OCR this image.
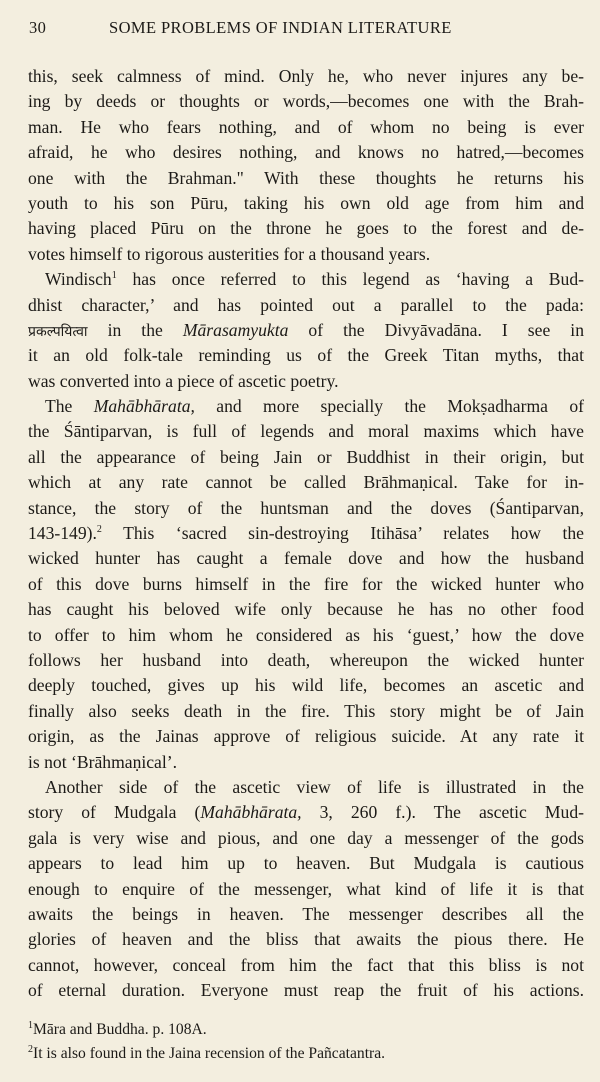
30	SOME PROBLEMS OF INDIAN LITERATURE
this, seek calmness of mind. Only he, who never injures any be-
ing by deeds or thoughts or words,—becomes one with the Brah-
man. He who fears nothing, and of whom no being is ever
afraid, he who desires nothing, and knows no hatred,—becomes
one with the Brahman." With these thoughts he returns his
youth to his son Pūru, taking his own old age from him and
having placed Pūru on the throne he goes to the forest and de-
votes himself to rigorous austerities for a thousand years.
Windisch$^1$ has once referred to this legend as ‘having a Bud-
dhist character,’ and has pointed out a parallel to the pada:
प्रकल्पयित्वा in the Mārasamyukta of the Divyāvadāna. I see in
it an old folk-tale reminding us of the Greek Titan myths, that
was converted into a piece of ascetic poetry.
The Mahābhārata, and more specially the Mokṣadharma of
the Śāntiparvan, is full of legends and moral maxims which have
all the appearance of being Jain or Buddhist in their origin, but
which at any rate cannot be called Brāhmaṇical. Take for in-
stance, the story of the huntsman and the doves (Śantiparvan,
143-149).$^2$ This ‘sacred sin-destroying Itihāsa’ relates how the
wicked hunter has caught a female dove and how the husband
of this dove burns himself in the fire for the wicked hunter who
has caught his beloved wife only because he has no other food
to offer to him whom he considered as his ‘guest,’ how the dove
follows her husband into death, whereupon the wicked hunter
deeply touched, gives up his wild life, becomes an ascetic and
finally also seeks death in the fire. This story might be of Jain
origin, as the Jainas approve of religious suicide. At any rate it
is not ‘Brāhmaṇical’.
Another side of the ascetic view of life is illustrated in the
story of Mudgala (Mahābhārata, 3, 260 f.). The ascetic Mud-
gala is very wise and pious, and one day a messenger of the gods
appears to lead him up to heaven. But Mudgala is cautious
enough to enquire of the messenger, what kind of life it is that
awaits the beings in heaven. The messenger describes all the
glories of heaven and the bliss that awaits the pious there. He
cannot, however, conceal from him the fact that this bliss is not
of eternal duration. Everyone must reap the fruit of his actions.
$^1$Māra and Buddha. p. 108A.
$^2$It is also found in the Jaina recension of the Pañcatantra.
